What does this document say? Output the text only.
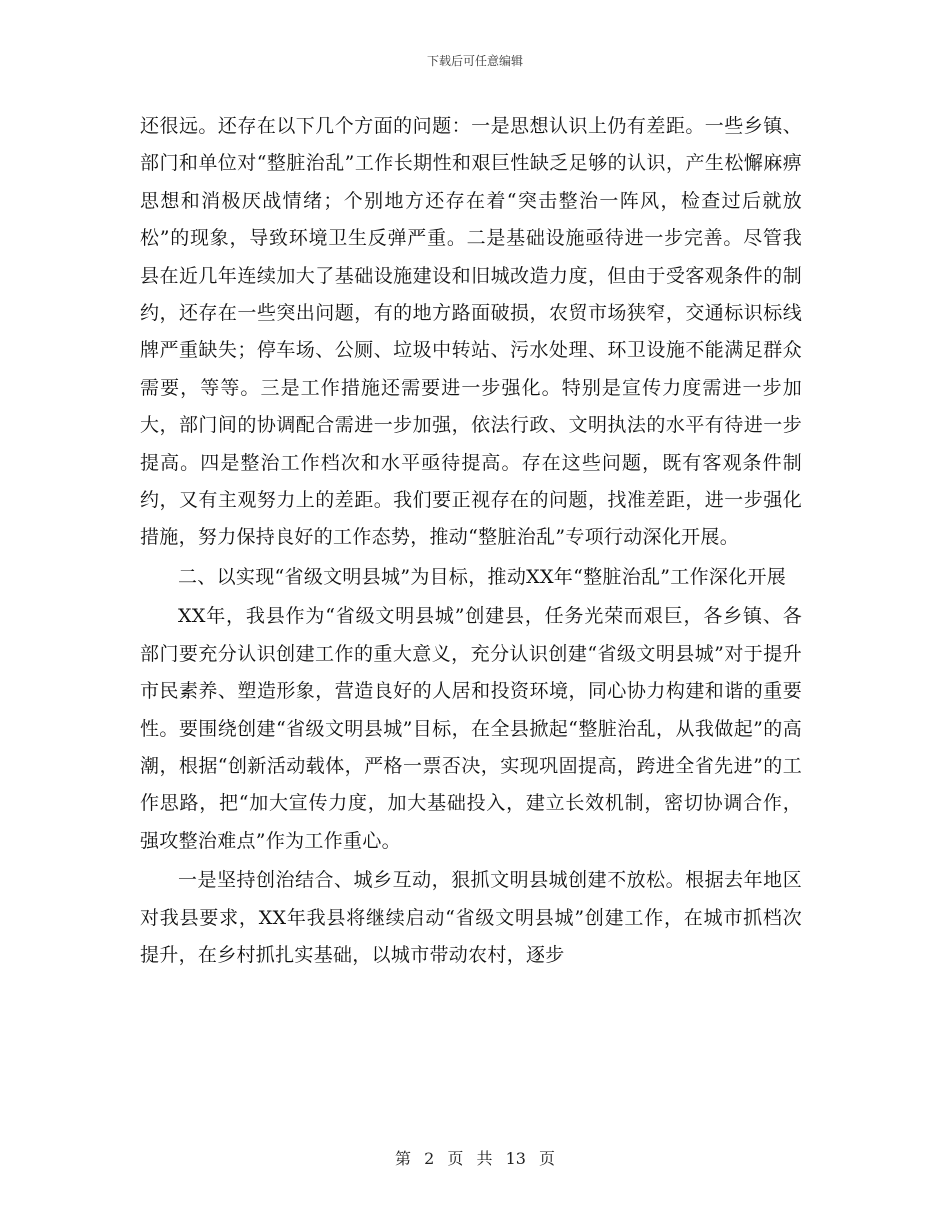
下载后可任意编辑

还很远。还存在以下几个方面的问题：一是思想认识上仍有差距。一些乡镇、部门和单位对“整脏治乱”工作长期性和艰巨性缺乏足够的认识，产生松懈麻痹思想和消极厌战情绪；个别地方还存在着“突击整治一阵风，检查过后就放松”的现象，导致环境卫生反弹严重。二是基础设施亟待进一步完善。尽管我县在近几年连续加大了基础设施建设和旧城改造力度，但由于受客观条件的制约，还存在一些突出问题，有的地方路面破损，农贸市场狭窄，交通标识标线牌严重缺失；停车场、公厕、垃圾中转站、污水处理、环卫设施不能满足群众需要，等等。三是工作措施还需要进一步强化。特别是宣传力度需进一步加大，部门间的协调配合需进一步加强，依法行政、文明执法的水平有待进一步提高。四是整治工作档次和水平亟待提高。存在这些问题，既有客观条件制约，又有主观努力上的差距。我们要正视存在的问题，找准差距，进一步强化措施，努力保持良好的工作态势，推动“整脏治乱”专项行动深化开展。

二、以实现“省级文明县城”为目标，推动XX年“整脏治乱”工作深化开展

XX年，我县作为“省级文明县城”创建县，任务光荣而艰巨，各乡镇、各部门要充分认识创建工作的重大意义，充分认识创建“省级文明县城”对于提升市民素养、塑造形象，营造良好的人居和投资环境，同心协力构建和谐的重要性。要围绕创建“省级文明县城”目标，在全县掀起“整脏治乱，从我做起”的高潮，根据“创新活动载体，严格一票否决，实现巩固提高，跨进全省先进”的工作思路，把“加大宣传力度，加大基础投入，建立长效机制，密切协调合作，强攻整治难点”作为工作重心。

一是坚持创治结合、城乡互动，狠抓文明县城创建不放松。根据去年地区对我县要求，XX年我县将继续启动“省级文明县城”创建工作，在城市抓档次提升，在乡村抓扎实基础，以城市带动农村，逐步

第 2 页 共 13 页
